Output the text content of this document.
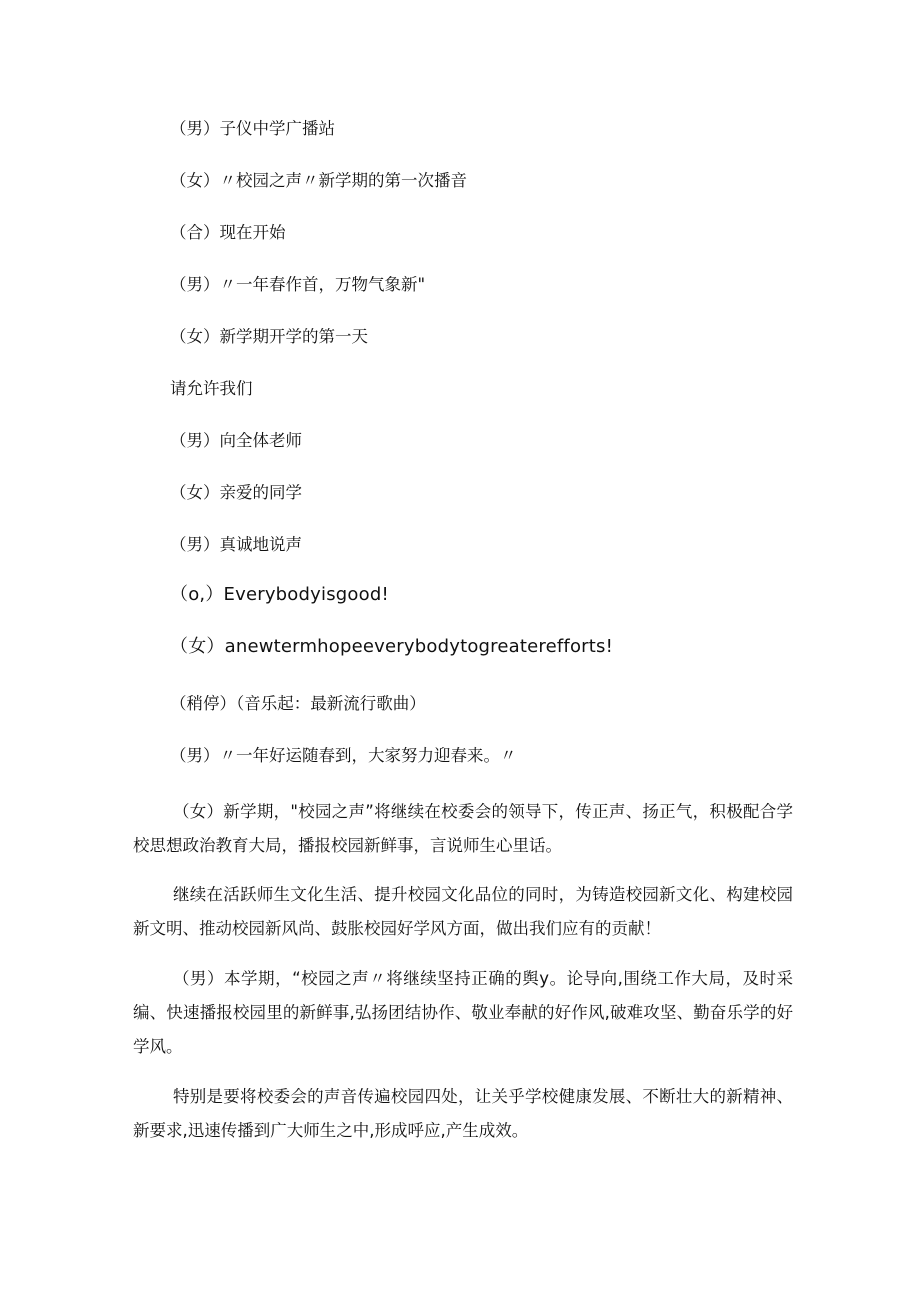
（男）子仪中学广播站
（女）〃校园之声〃新学期的第一次播音
（合）现在开始
（男）〃一年春作首，万物气象新"
（女）新学期开学的第一天
请允许我们
（男）向全体老师
（女）亲爱的同学
（男）真诚地说声
（o,）Everybodyisgood!
（女）anewtermhopeeverybodytogreaterefforts!
（稍停）（音乐起：最新流行歌曲）
（男）〃一年好运随春到，大家努力迎春来。〃
（女）新学期，"校园之声”将继续在校委会的领导下，传正声、扬正气，积极配合学校思想政治教育大局，播报校园新鲜事，言说师生心里话。
继续在活跃师生文化生活、提升校园文化品位的同时，为铸造校园新文化、构建校园新文明、推动校园新风尚、鼓胀校园好学风方面，做出我们应有的贡献！
（男）本学期，“校园之声〃将继续坚持正确的舆y。论导向,围绕工作大局，及时采编、快速播报校园里的新鲜事,弘扬团结协作、敬业奉献的好作风,破难攻坚、勤奋乐学的好学风。
特别是要将校委会的声音传遍校园四处，让关乎学校健康发展、不断壮大的新精神、新要求,迅速传播到广大师生之中,形成呼应,产生成效。
